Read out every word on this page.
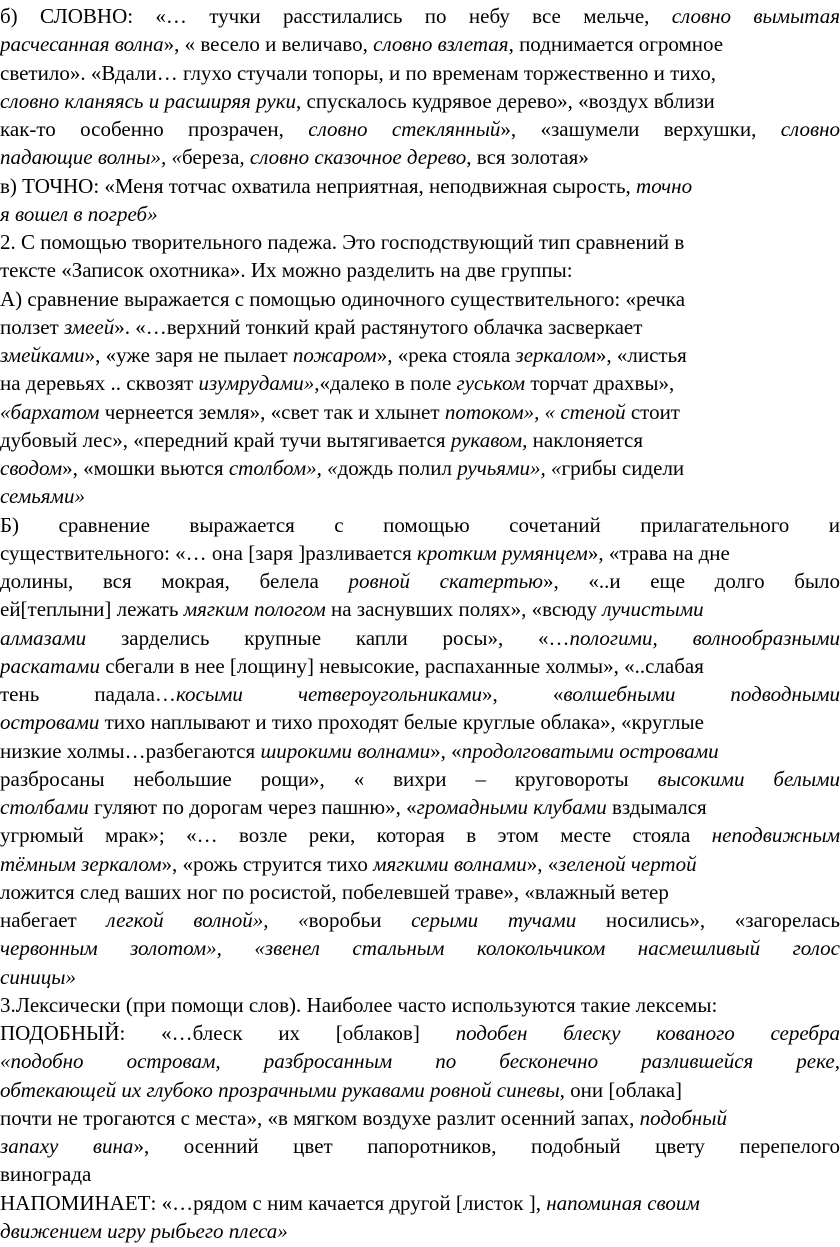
б) СЛОВНО: «… тучки расстилались по небу все мельче, словно вымытая
расчесанная волна», « весело и величаво, словно взлетая, поднимается огромное
светило». «Вдали… глухо стучали топоры, и по временам торжественно и тихо,
словно кланяясь и расширяя руки, спускалось кудрявое дерево», «воздух вблизи
как-то особенно прозрачен, словно стеклянный», «зашумели верхушки, словно
падающие волны», «береза, словно сказочное дерево, вся золотая»
в) ТОЧНО: «Меня тотчас охватила неприятная, неподвижная сырость, точно
я вошел в погреб»
2. С помощью творительного падежа. Это господствующий тип сравнений в
тексте «Записок охотника». Их можно разделить на две группы:
А) сравнение выражается с помощью одиночного существительного: «речка
ползет змеей». «…верхний тонкий край растянутого облачка засверкает
змейками», «уже заря не пылает пожаром», «река стояла зеркалом», «листья
на деревьях .. сквозят изумрудами»,«далеко в поле гуськом торчат драхвы»,
«бархатом чернеется земля», «свет так и хлынет потоком», « стеной стоит
дубовый лес», «передний край тучи вытягивается рукавом, наклоняется
сводом», «мошки вьются столбом», «дождь полил ручьями», «грибы сидели
семьями»
Б) сравнение выражается с помощью сочетаний прилагательного и
существительного: «… она [заря ]разливается кротким румянцем», «трава на дне
долины, вся мокрая, белела ровной скатертью», «..и еще долго было
ей[теплыни] лежать мягким пологом на заснувших полях», «всюду лучистыми
алмазами зарделись крупные капли росы», «…пологими, волнообразными
раскатами сбегали в нее [лощину] невысокие, распаханные холмы», «..слабая
тень падала…косыми четвероугольниками», «волшебными подводными
островами тихо наплывают и тихо проходят белые круглые облака», «круглые
низкие холмы…разбегаются широкими волнами», «продолговатыми островами
разбросаны небольшие рощи», « вихри – круговороты высокими белыми
столбами гуляют по дорогам через пашню», «громадными клубами вздымался
угрюмый мрак»; «… возле реки, которая в этом месте стояла неподвижным
тёмным зеркалом», «рожь струится тихо мягкими волнами», «зеленой чертой
ложится след ваших ног по росистой, побелевшей траве», «влажный ветер
набегает легкой волной», «воробьи серыми тучами носились», «загорелась
червонным золотом», «звенел стальным колокольчиком насмешливый голос
синицы»
3.Лексически (при помощи слов). Наиболее часто используются такие лексемы:
ПОДОБНЫЙ: «…блеск их [облаков] подобен блеску кованого серебра
«подобно островам, разбросанным по бесконечно разлившейся реке,
обтекающей их глубоко прозрачными рукавами ровной синевы, они [облака]
почти не трогаются с места», «в мягком воздухе разлит осенний запах, подобный
запаху вина», осенний цвет папоротников, подобный цвету перепелого
винограда
НАПОМИНАЕТ: «…рядом с ним качается другой [листок ], напоминая своим
движением игру рыбьего плеса»
